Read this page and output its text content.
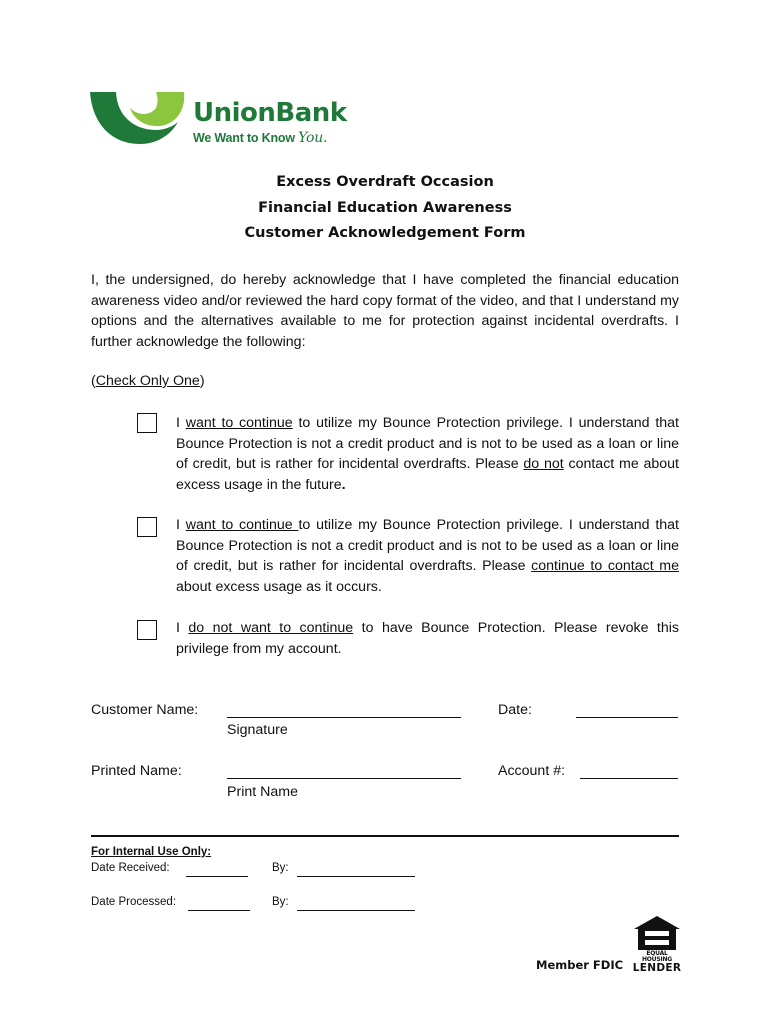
UnionBank
We Want to Know You.
Excess Overdraft Occasion
Financial Education Awareness
Customer Acknowledgement Form
I, the undersigned, do hereby acknowledge that I have completed the financial education awareness video and/or reviewed the hard copy format of the video, and that I understand my options and the alternatives available to me for protection against incidental overdrafts. I further acknowledge the following:
(Check Only One)
I want to continue to utilize my Bounce Protection privilege. I understand that Bounce Protection is not a credit product and is not to be used as a loan or line of credit, but is rather for incidental overdrafts. Please do not contact me about excess usage in the future.
I want to continue to utilize my Bounce Protection privilege. I understand that Bounce Protection is not a credit product and is not to be used as a loan or line of credit, but is rather for incidental overdrafts. Please continue to contact me about excess usage as it occurs.
I do not want to continue to have Bounce Protection. Please revoke this privilege from my account.
Customer Name:
Signature
Date:
Printed Name:
Print Name
Account #:
For Internal Use Only:
Date Received:	By:
Date Processed:	By:
EQUAL HOUSING
LENDER
Member FDIC
